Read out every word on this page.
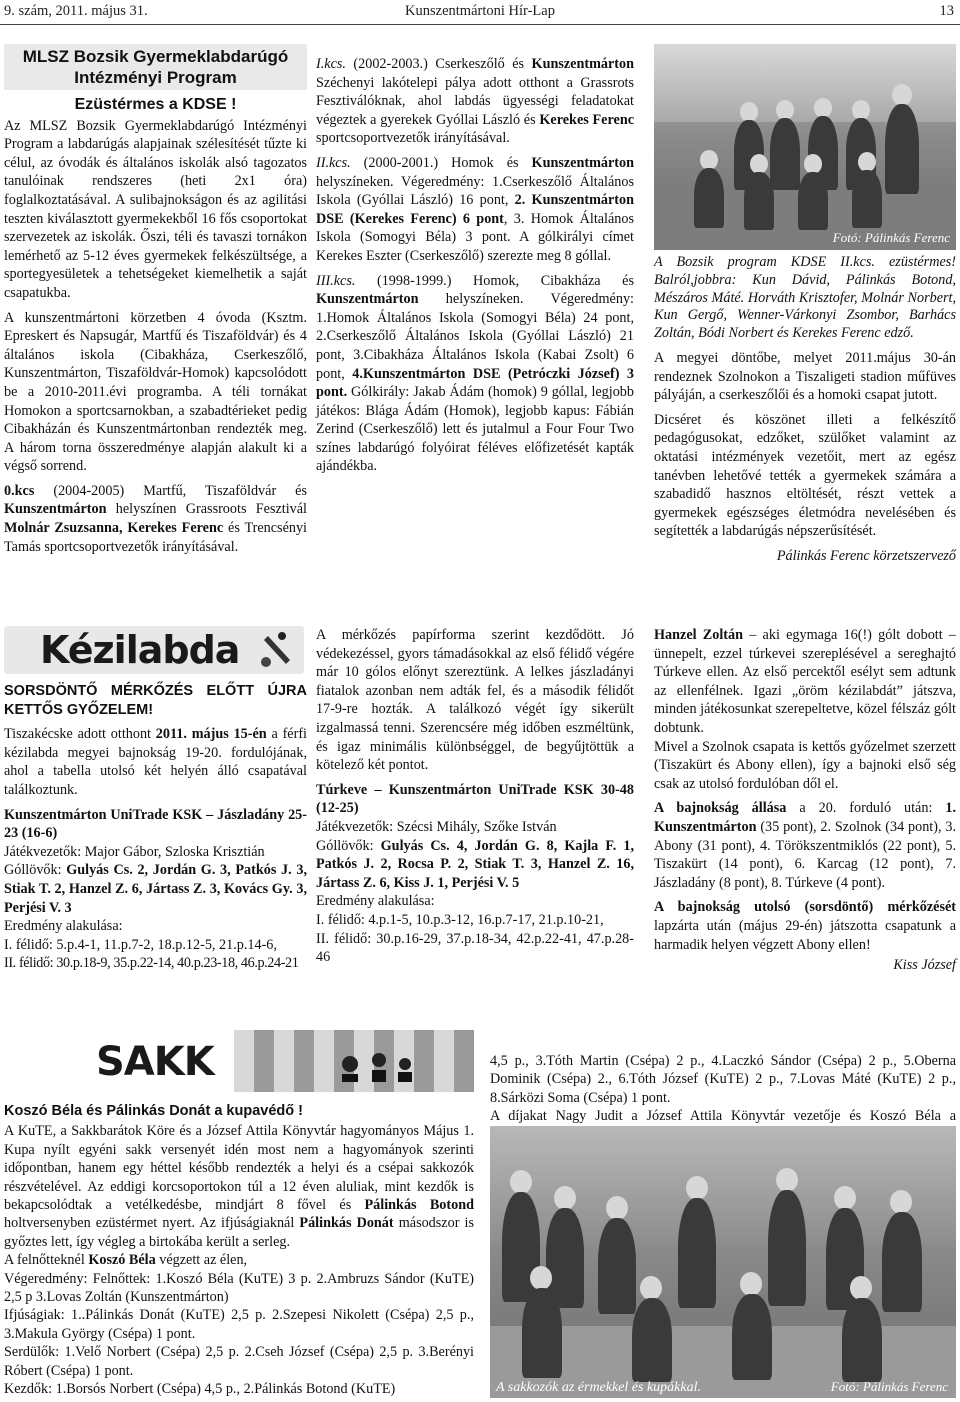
9. szám, 2011. május 31.	Kunszentmártoni Hír-Lap	13
MLSZ Bozsik Gyermeklabdarúgó
Intézményi Program
Ezüstérmes a KDSE !

Az MLSZ Bozsik Gyermeklabdarúgó Intézményi Program a labdarúgás alapjainak szélesítését tűzte ki célul, az óvodák és általános iskolák alsó tagozatos tanulóinak rendszeres (heti 2x1 óra) foglalkoztatásával. A sulibajnokságon és az agilitási teszten kiválasztott gyermekekből 16 fős csoportokat szervezetek az iskolák. Őszi, téli és tavaszi tornákon lemérhető az 5-12 éves gyermekek felkészültsége, a sportegyesületek a tehetségeket kiemelhetik a saját csapatukba.

A kunszentmártoni körzetben 4 óvoda (Ksztm. Epreskert és Napsugár, Martfű és Tiszaföldvár) és 4 általános iskola (Cibakháza, Cserkeszőlő, Kunszentmárton, Tiszaföldvár-Homok) kapcsolódott be a 2010-2011.évi programba. A téli tornákat Homokon a sportcsarnokban, a szabadtérieket pedig Cibakházán és Kunszentmártonban rendezték meg. A három torna összeredménye alapján alakult ki a végső sorrend.

0.kcs (2004-2005) Martfű, Tiszaföldvár és Kunszentmárton helyszínen Grassroots Fesztivál Molnár Zsuzsanna, Kerekes Ferenc és Trencsényi Tamás sportcsoportvezetők irányításával.

I.kcs. (2002-2003.) Cserkeszőlő és Kunszentmárton Széchenyi lakótelepi pálya adott otthont a Grassrots Fesztiválóknak, ahol labdás ügyességi feladatokat végeztek a gyerekek Gyóllai László és Kerekes Ferenc sportcsoportvezetők irányításával.

II.kcs. (2000-2001.) Homok és Kunszentmárton helyszíneken. Végeredmény: 1.Cserkeszőlő Általános Iskola (Gyóllai László) 16 pont, 2. Kunszentmárton DSE (Kerekes Ferenc) 6 pont, 3. Homok Általános Iskola (Somogyi Béla) 3 pont. A gólkirályi címet Kerekes Eszter (Cserkeszőlő) szerezte meg 8 góllal.

III.kcs. (1998-1999.) Homok, Cibakháza és Kunszentmárton helyszíneken. Végeredmény: 1.Homok Általános Iskola (Somogyi Béla) 24 pont, 2.Cserkeszőlő Általános Iskola (Gyóllai László) 21 pont, 3.Cibakháza Általános Iskola (Kabai Zsolt) 6 pont, 4.Kunszentmárton DSE (Petróczki József) 3 pont. Gólkirály: Jakab Ádám (homok) 9 góllal, legjobb játékos: Blága Ádám (Homok), legjobb kapus: Fábián Zerind (Cserkeszőlő) lett és jutalmul a Four Four Two színes labdarúgó folyóirat féléves előfizetését kapták ajándékba.

Fotó: Pálinkás Ferenc

A Bozsik program KDSE II.kcs. ezüstérmes! Balról,jobbra: Kun Dávid, Pálinkás Botond, Mészáros Máté. Horváth Krisztofer, Molnár Norbert, Kun Gergő, Wenner-Várkonyi Zsombor, Barhács Zoltán, Bódi Norbert és Kerekes Ferenc edző.

A megyei döntőbe, melyet 2011.május 30-án rendeznek Szolnokon a Tiszaligeti stadion műfüves pályáján, a cserkeszőlői és a homoki csapat jutott.

Dicséret és köszönet illeti a felkészítő pedagógusokat, edzőket, szülőket valamint az oktatási intézmények vezetőit, mert az egész tanévben lehetővé tették a gyermekek számára a szabadidő hasznos eltöltését, részt vettek a gyermekek egészséges életmódra nevelésében és segítették a labdarúgás népszerűsítését.

Pálinkás Ferenc körzetszervező

Kézilabda

SORSDÖNTŐ MÉRKŐZÉS ELŐTT ÚJRA KETTŐS GYŐZELEM!

Tiszakécske adott otthont 2011. május 15-én a férfi kézilabda megyei bajnokság 19-20. fordulójának, ahol a tabella utolsó két helyén álló csapatával találkoztunk.

Kunszentmárton UniTrade KSK – Jászladány 25-23 (16-6)

Játékvezetők: Major Gábor, Szloska Krisztián
Góllövők: Gulyás Cs. 2, Jordán G. 3, Patkós J. 3, Stiak T. 2, Hanzel Z. 6, Jártass Z. 3, Kovács Gy. 3, Perjési V. 3
Eredmény alakulása:
I. félidő: 5.p.4-1, 11.p.7-2, 18.p.12-5, 21.p.14-6,
II. félidő: 30.p.18-9, 35.p.22-14, 40.p.23-18, 46.p.24-21

A mérkőzés papírforma szerint kezdődött. Jó védekezéssel, gyors támadásokkal az első félidő végére már 10 gólos előnyt szereztünk. A lelkes jászladányi fiatalok azonban nem adták fel, és a második félidőt 17-9-re hozták. A találkozó végét így sikerült izgalmassá tenni. Szerencsére még időben eszméltünk, és igaz minimális különbséggel, de begyűjtöttük a kötelező két pontot.

Túrkeve – Kunszentmárton UniTrade KSK 30-48 (12-25)

Játékvezetők: Szécsi Mihály, Szőke István
Góllövők: Gulyás Cs. 4, Jordán G. 8, Kajla F. 1, Patkós J. 2, Rocsa P. 2, Stiak T. 3, Hanzel Z. 16, Jártass Z. 6, Kiss J. 1, Perjési V. 5
Eredmény alakulása:
I. félidő: 4.p.1-5, 10.p.3-12, 16.p.7-17, 21.p.10-21,
II. félidő: 30.p.16-29, 37.p.18-34, 42.p.22-41, 47.p.28-46

Hanzel Zoltán – aki egymaga 16(!) gólt dobott – ünnepelt, ezzel túrkevei szereplésével a sereghajtó Túrkeve ellen. Az első percektől esélyt sem adtunk az ellenfélnek. Igazi „öröm kézilabdát” játszva, minden játékosunkat szerepeltetve, közel félszáz gólt dobtunk.

Mivel a Szolnok csapata is kettős győzelmet szerzett (Tiszakürt és Abony ellen), így a bajnoki első ség csak az utolsó fordulóban dől el.

A bajnokság állása a 20. forduló után: 1. Kunszentmárton (35 pont), 2. Szolnok (34 pont), 3. Abony (31 pont), 4. Törökszentmiklós (22 pont), 5. Tiszakürt (14 pont), 6. Karcag (12 pont), 7. Jászladány (8 pont), 8. Túrkeve (4 pont).

A bajnokság utolsó (sorsdöntő) mérkőzését lapzárta után (május 29-én) játszotta csapatunk a harmadik helyen végzett Abony ellen!

Kiss József

SAKK

Koszó Béla és Pálinkás Donát a kupavédő !

A KuTE, a Sakkbarátok Köre és a József Attila Könyvtár hagyományos Május 1. Kupa nyílt egyéni sakk versenyét idén most nem a hagyományok szerinti időpontban, hanem egy héttel később rendezték a helyi és a csépai sakkozók részvételével. Az eddigi korcsoportokon túl a 12 éven aluliak, mint kezdők is bekapcsolódtak a vetélkedésbe, mindjárt 8 fővel és Pálinkás Botond holtversenyben ezüstérmet nyert. Az ifjúságiaknál Pálinkás Donát másodszor is győztes lett, így végleg a birtokába került a serleg.

A felnőtteknél Koszó Béla végzett az élen,
Végeredmény: Felnőttek: 1.Koszó Béla (KuTE) 3 p. 2.Ambruzs Sándor (KuTE) 2,5 p 3.Lovas Zoltán (Kunszentmárton)
Ifjúságiak: 1..Pálinkás Donát (KuTE) 2,5 p. 2.Szepesi Nikolett (Csépa) 2,5 p., 3.Makula György (Csépa) 1 pont.
Serdülők: 1.Velő Norbert (Csépa) 2,5 p. 2.Cseh József (Csépa) 2,5 p. 3.Berényi Róbert (Csépa) 1 pont.
Kezdők: 1.Borsós Norbert (Csépa) 4,5 p., 2.Pálinkás Botond (KuTE)

4,5 p., 3.Tóth Martin (Csépa) 2 p., 4.Laczkó Sándor (Csépa) 2 p., 5.Oberna Dominik (Csépa) 2., 6.Tóth József (KuTE) 2 p., 7.Lovas Máté (KuTE) 2 p., 8.Sárközi Soma (Csépa) 1 pont.

A díjakat Nagy Judit a József Attila Könyvtár vezetője és Koszó Béla a

A sakkozók az érmekkel és kupákkal.	Fotó: Pálinkás Ferenc
